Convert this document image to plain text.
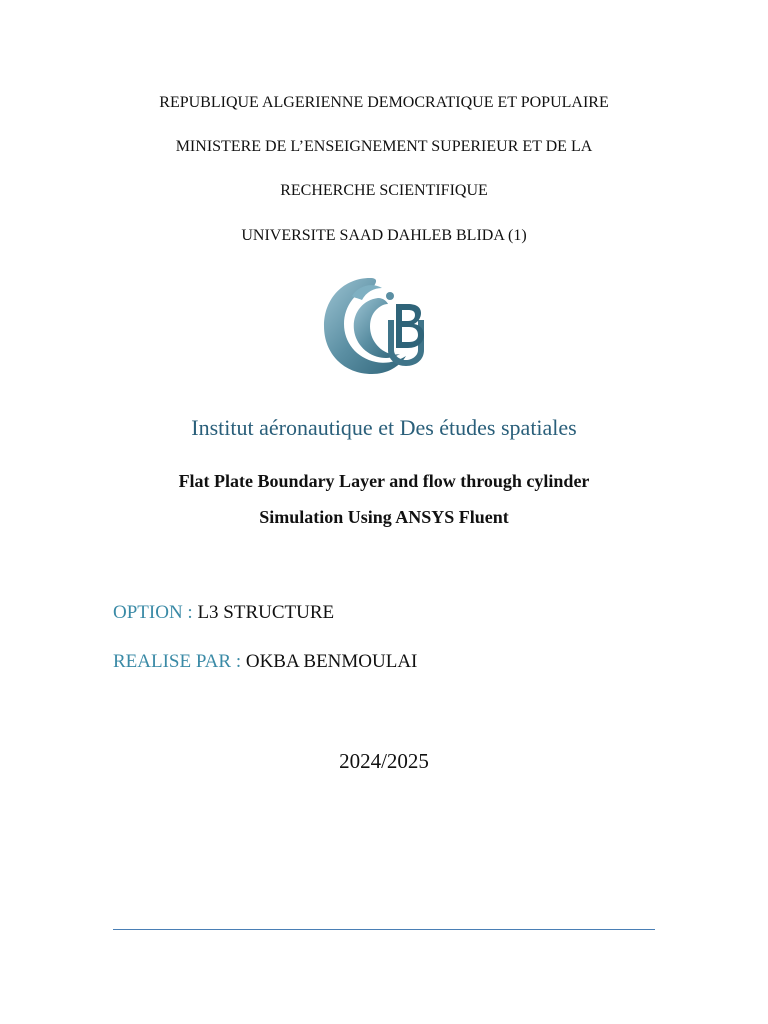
REPUBLIQUE ALGERIENNE DEMOCRATIQUE ET POPULAIRE
MINISTERE DE L’ENSEIGNEMENT SUPERIEUR ET DE LA
RECHERCHE SCIENTIFIQUE
UNIVERSITE SAAD DAHLEB BLIDA (1)
Institut aéronautique et Des études spatiales
Flat Plate Boundary Layer and flow through cylinder
Simulation Using ANSYS Fluent
OPTION : L3 STRUCTURE
REALISE PAR : OKBA BENMOULAI
2024/2025
